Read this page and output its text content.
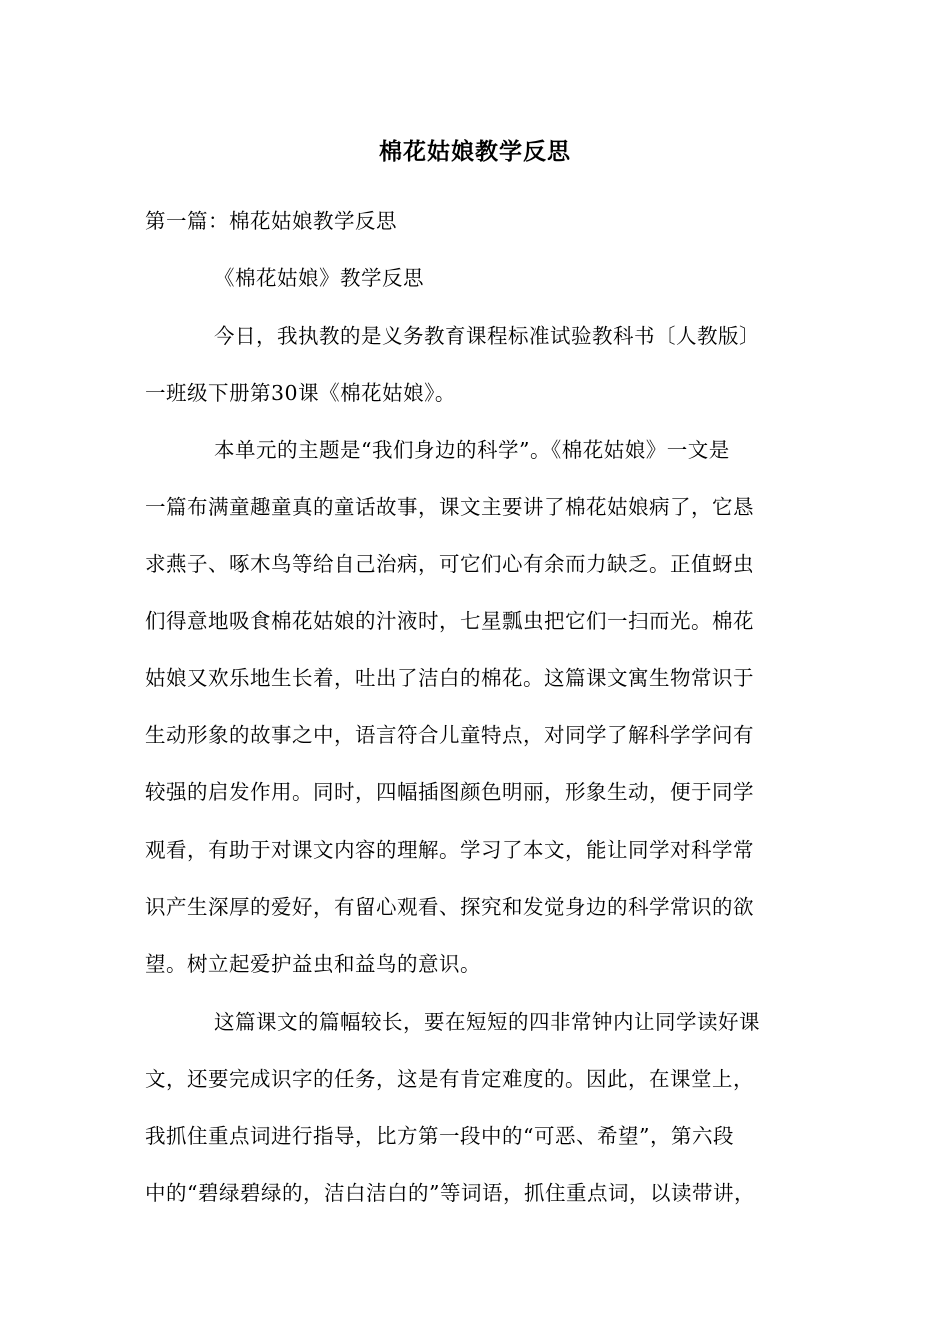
棉花姑娘教学反思
第一篇：棉花姑娘教学反思
《棉花姑娘》教学反思
今日，我执教的是义务教育课程标准试验教科书〔人教版〕
一班级下册第30课《棉花姑娘》。
本单元的主题是“我们身边的科学”。《棉花姑娘》一文是
一篇布满童趣童真的童话故事，课文主要讲了棉花姑娘病了，它恳
求燕子、啄木鸟等给自己治病，可它们心有余而力缺乏。正值蚜虫
们得意地吸食棉花姑娘的汁液时，七星瓢虫把它们一扫而光。棉花
姑娘又欢乐地生长着，吐出了洁白的棉花。这篇课文寓生物常识于
生动形象的故事之中，语言符合儿童特点，对同学了解科学学问有
较强的启发作用。同时，四幅插图颜色明丽，形象生动，便于同学
观看，有助于对课文内容的理解。学习了本文，能让同学对科学常
识产生深厚的爱好，有留心观看、探究和发觉身边的科学常识的欲
望。树立起爱护益虫和益鸟的意识。
这篇课文的篇幅较长，要在短短的四非常钟内让同学读好课
文，还要完成识字的任务，这是有肯定难度的。因此，在课堂上，
我抓住重点词进行指导，比方第一段中的“可恶、希望”，第六段
中的“碧绿碧绿的，洁白洁白的”等词语，抓住重点词，以读带讲，
